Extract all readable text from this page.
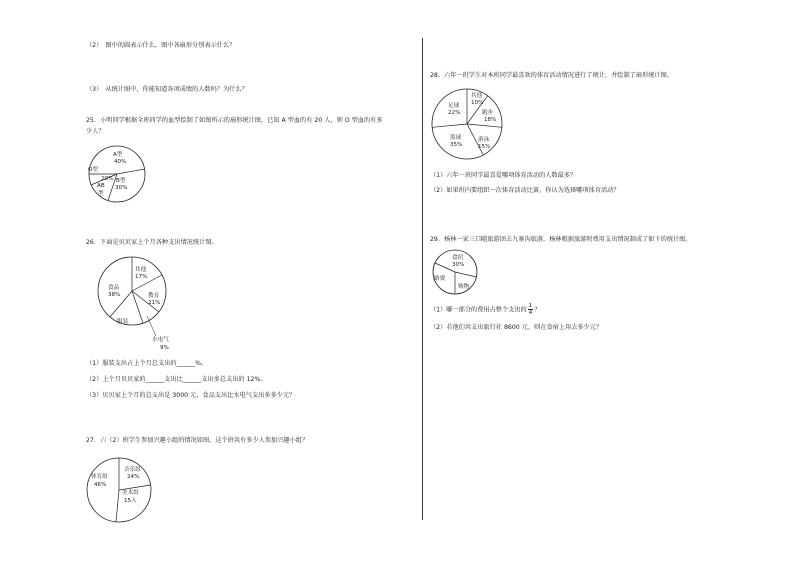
（2）　图中的圆表示什么，图中各扇形分别表示什么？
（3）　从统计图中，你能知道各项成绩的人数吗？为什么？
25．小明同学根据全班同学的血型绘制了如图所示的扇形统计图，已知 A 型血的有 20 人，则 O 型血的有多
少人？
A型
40%
O型
B型
30%
20%
AB
型
26．下面是贝贝家上个月各种支出情况统计图。
其他
17%
食品
38%	教育
21%
服装
水电气
9%
（1）服装支出占上个月总支出的______%。
（2）上个月贝贝家的______支出比______支出多总支出的 12%。
（3）贝贝家上个月的总支出是 3000 元，食品支出比水电气支出多多少元？
27．六（2）班学生参加兴趣小组的情况如图，这个班共有多少人参加兴趣小组？
音乐组
24%
体育组
46%
美术组
15人
28．六年一班学生对本班同学最喜欢的体育活动情况进行了统计，并绘制了扇形统计图。
其他
10%
跑步
18%
足球
22%
游泳
15%
篮球
35%
（1）六年一班同学最喜爱哪项体育活动的人数最多？
（2）如果班内要组织一次体育活动比赛，你认为选择哪项体育活动？
29．杨林一家三口随旅游团去九寨沟旅游，杨林根据旅游时费用支出情况制成了如下的统计图。
食宿
30%
路费
购物
（1）哪一部分的费用占整个支出的 $\frac{1}{4}$ ？
（2）若他们共支出旅行社 8600 元，则在食宿上用去多少元？
